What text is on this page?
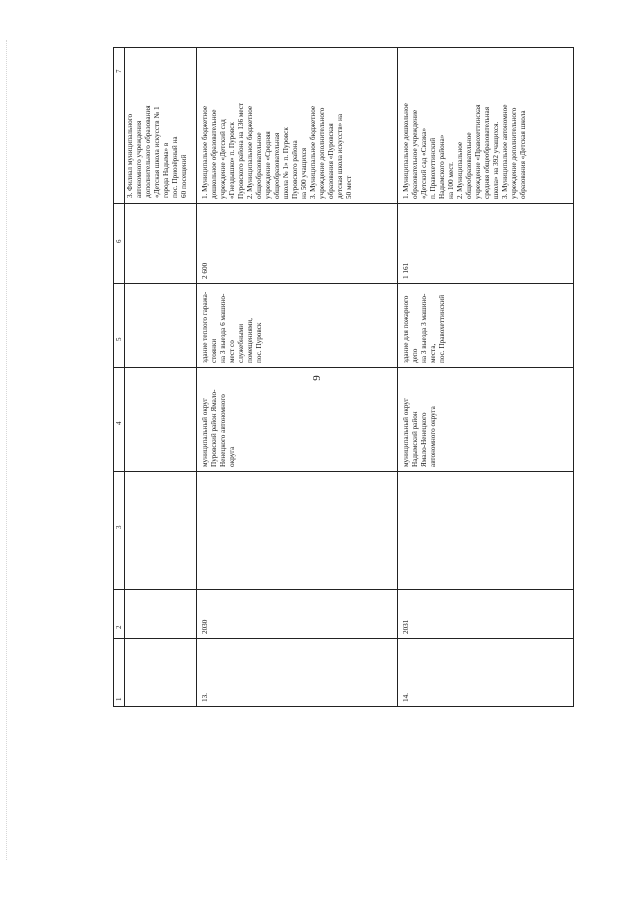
9
1
2
3
4
5
6
7
3. Филиал муниципального
автономного учреждения
дополнительного образования
«Детская школа искусств № 1
города Надыма» в
пос. Приозёрный на
60 посещений
13.
2030
муниципальный округ
Пуровский район Ямало-
Ненецкого автономного
округа
здание теплого гаража-стоянки
на 3 выезда 6 машино-мест со
служебными помещениями,
пос. Пуровск
2 600
1. Муниципальное бюджетное
дошкольное образовательное
учреждение «Детский сад
«Гнездышко» п. Пуровск
Пуровского района на 136 мест
2. Муниципальное бюджетное
общеобразовательное
учреждение «Средняя
общеобразовательная
школа № 1» п. Пуровск
Пуровского района
на 500 учащихся
3. Муниципальное бюджетное
учреждение дополнительного
образования «Пуровская
детская школа искусств» на
50 мест
14.
2031
муниципальный округ
Надымский район
Ямало-Ненецкого
автономного округа
здание для пожарного депо
на 3 выезда 3 машино-места,
пос. Правохеттинский
1 161
1. Муниципальное дошкольное
образовательное учреждение
«Детский сад «Сказка»
п. Правохеттинский
Надымского района»
на 100 мест.
2. Муниципальное
общеобразовательное
учреждение «Правохеттинская
средняя общеобразовательная
школа» на 392 учащихся.
3. Муниципальное автономное
учреждение дополнительного
образования «Детская школа
